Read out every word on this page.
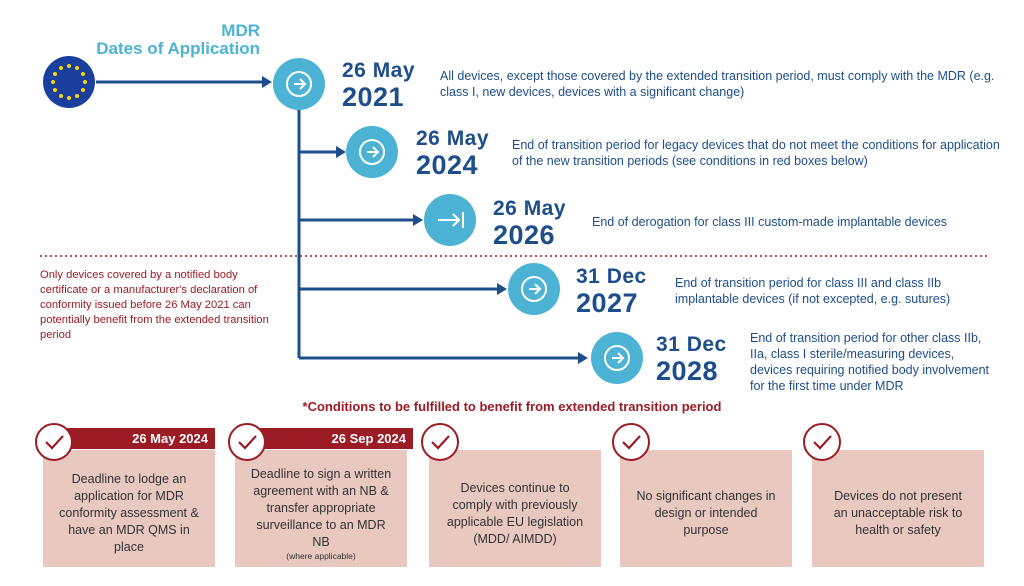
MDR
Dates of Application
26 May
2021
All devices, except those covered by the extended transition period, must comply with the MDR (e.g. class I, new devices, devices with a significant change)
26 May
2024
End of transition period for legacy devices that do not meet the conditions for application of the new transition periods (see conditions in red boxes below)
26 May
2026	End of derogation for class III custom-made implantable devices
31 Dec
2027
End of transition period for class III and class IIb implantable devices (if not excepted, e.g. sutures)
31 Dec
2028
End of transition period for other class IIb, IIa, class I sterile/measuring devices, devices requiring notified body involvement for the first time under MDR
Only devices covered by a notified body certificate or a manufacturer's declaration of conformity issued before 26 May 2021 can potentially benefit from the extended transition period
*Conditions to be fulfilled to benefit from extended transition period
Deadline to lodge an application for MDR conformity assessment & have an MDR QMS in place
26 May 2024
Deadline to sign a written agreement with an NB & transfer appropriate surveillance to an MDR NB
(where applicable)
26 Sep 2024
Devices continue to comply with previously applicable EU legislation (MDD/ AIMDD)
No significant changes in design or intended purpose
Devices do not present an unacceptable risk to health or safety
